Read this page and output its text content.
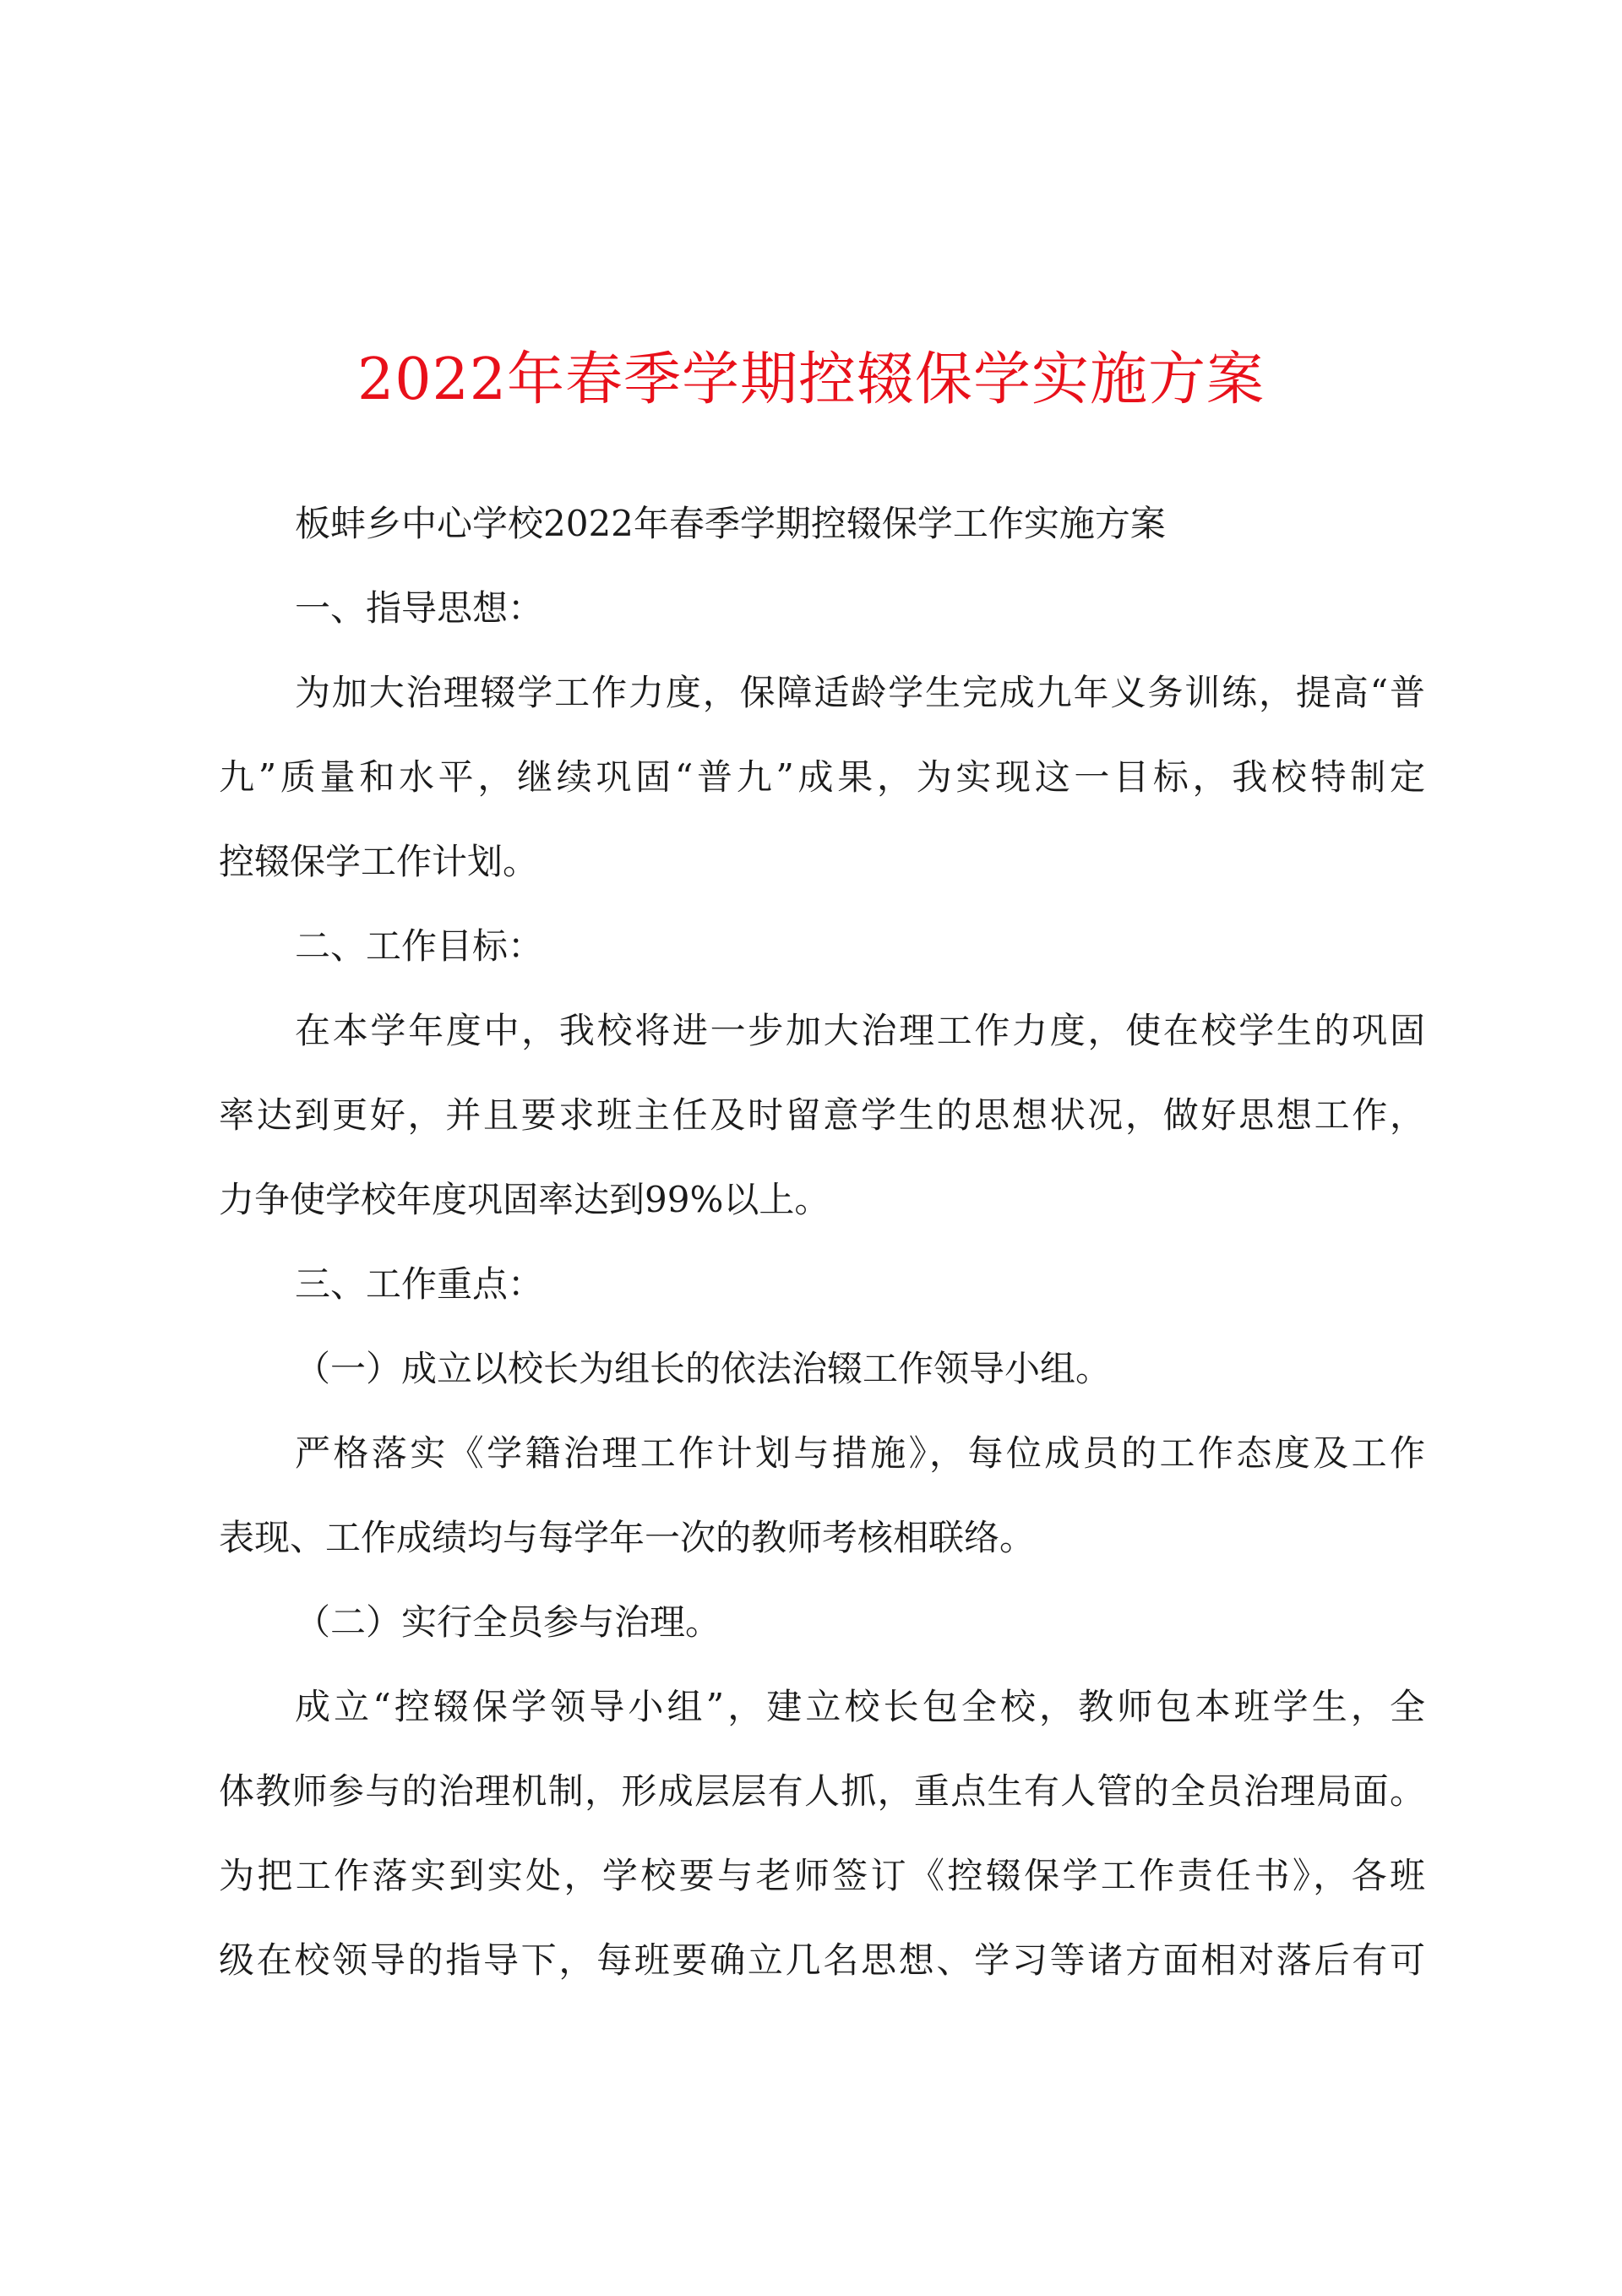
2022年春季学期控辍保学实施方案
板蚌乡中心学校2022年春季学期控辍保学工作实施方案
一、指导思想：
为加大治理辍学工作力度，保障适龄学生完成九年义务训练，提高“普
九”质量和水平，继续巩固“普九”成果，为实现这一目标，我校特制定
控辍保学工作计划。
二、工作目标：
在本学年度中，我校将进一步加大治理工作力度，使在校学生的巩固
率达到更好，并且要求班主任及时留意学生的思想状况，做好思想工作，
力争使学校年度巩固率达到99%以上。
三、工作重点：
（一）成立以校长为组长的依法治辍工作领导小组。
严格落实《学籍治理工作计划与措施》，每位成员的工作态度及工作
表现、工作成绩均与每学年一次的教师考核相联络。
（二）实行全员参与治理。
成立“控辍保学领导小组”，建立校长包全校，教师包本班学生，全
体教师参与的治理机制，形成层层有人抓，重点生有人管的全员治理局面。
为把工作落实到实处，学校要与老师签订《控辍保学工作责任书》，各班
级在校领导的指导下，每班要确立几名思想、学习等诸方面相对落后有可
